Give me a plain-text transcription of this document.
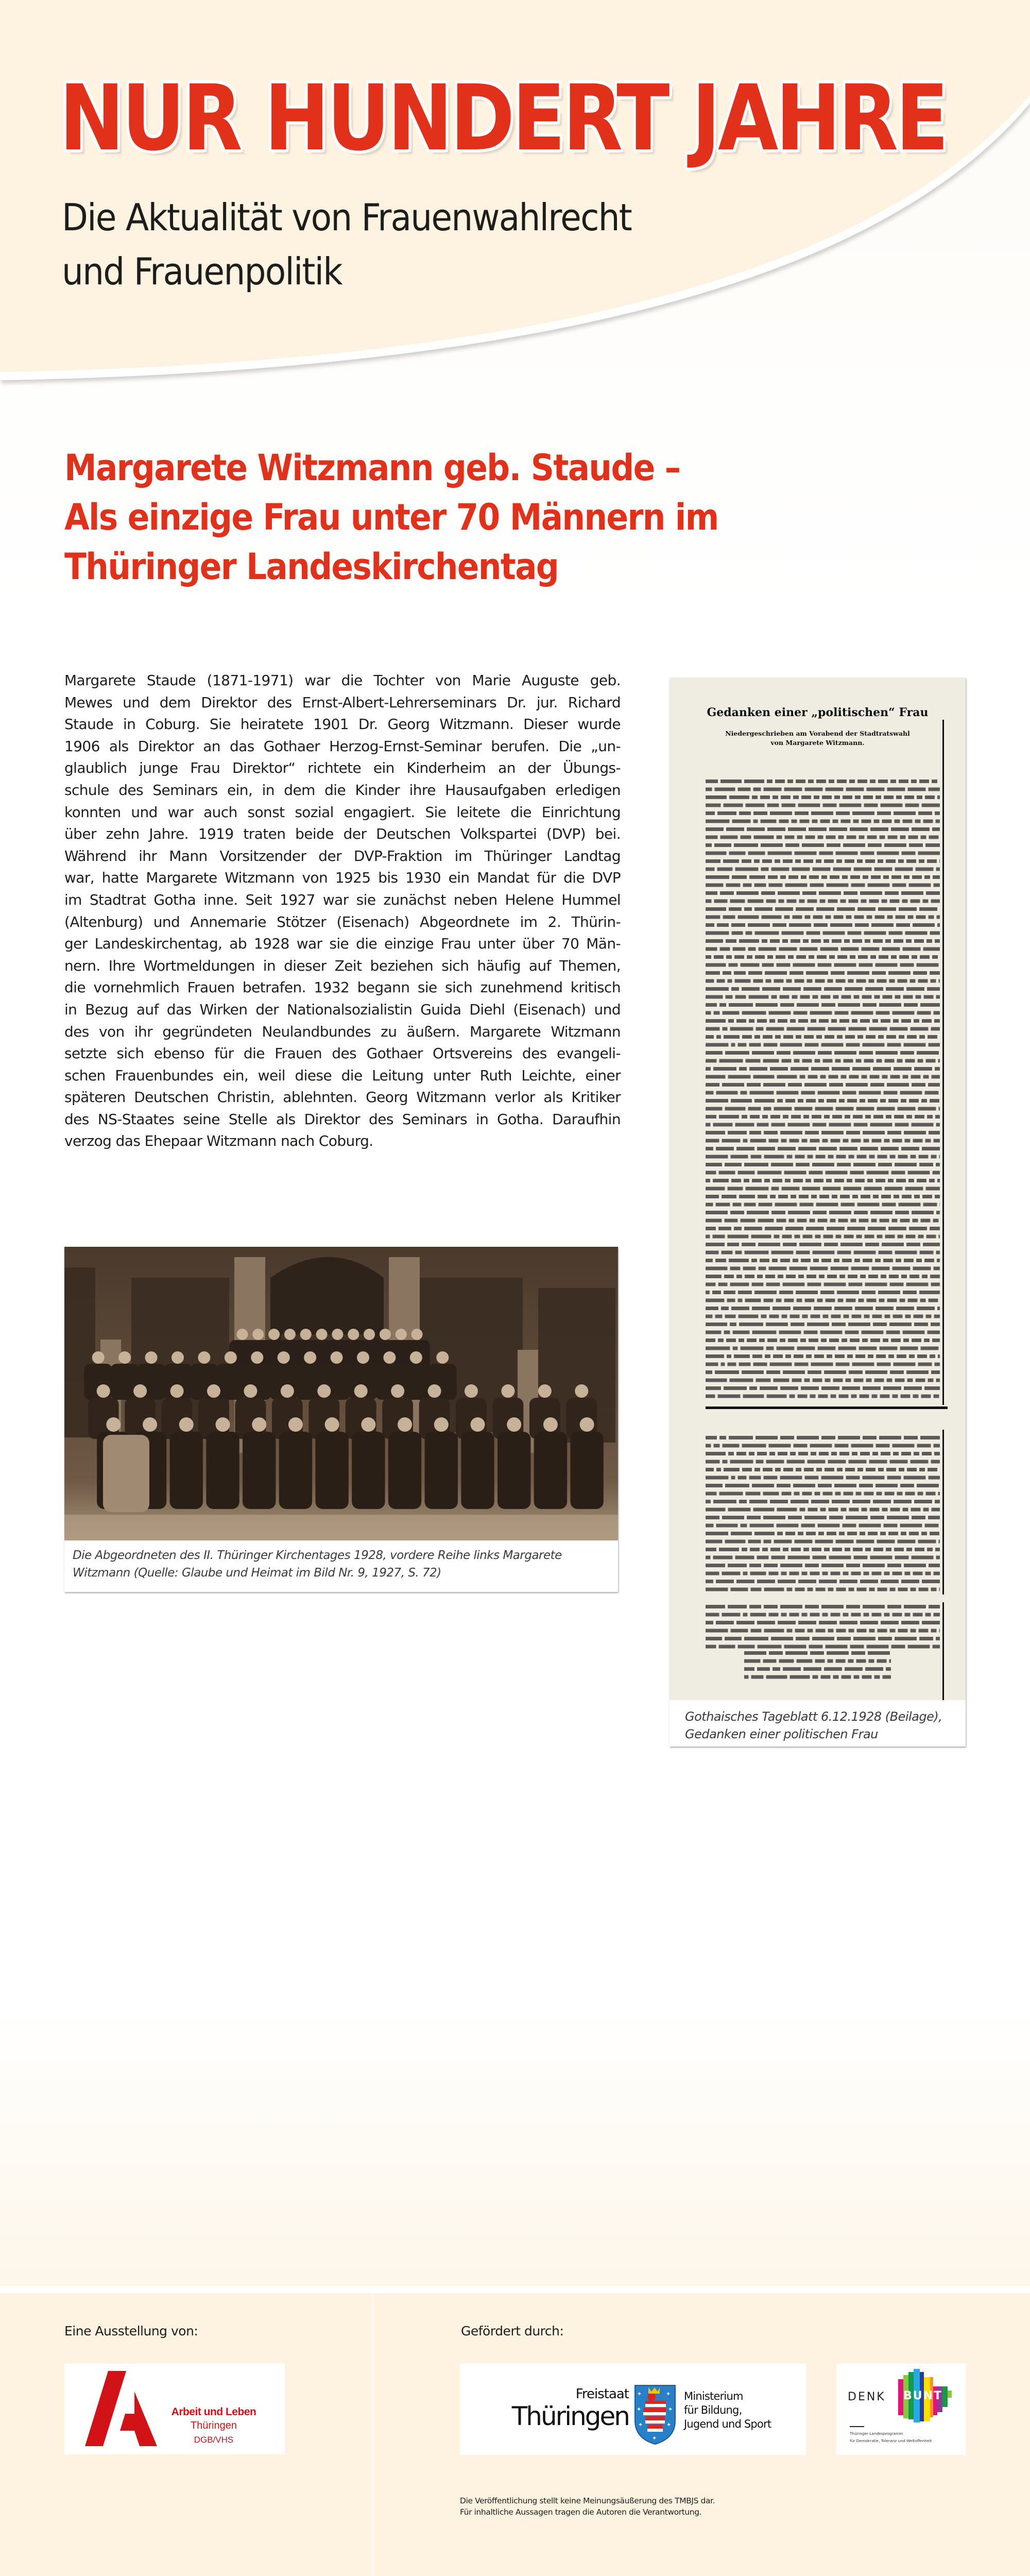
NUR HUNDERT JAHRE
Die Aktualität von Frauenwahlrecht
und Frauenpolitik
Margarete Witzmann geb. Staude –
Als einzige Frau unter 70 Männern im
Thüringer Landeskirchentag
Margarete Staude (1871-1971) war die Tochter von Marie Auguste geb.
Mewes und dem Direktor des Ernst-Albert-Lehrerseminars Dr. jur. Richard
Staude in Coburg. Sie heiratete 1901 Dr. Georg Witzmann. Dieser wurde
1906 als Direktor an das Gothaer Herzog-Ernst-Seminar berufen. Die „un-
glaublich junge Frau Direktor“ richtete ein Kinderheim an der Übungs-
schule des Seminars ein, in dem die Kinder ihre Hausaufgaben erledigen
konnten und war auch sonst sozial engagiert. Sie leitete die Einrichtung
über zehn Jahre. 1919 traten beide der Deutschen Volkspartei (DVP) bei.
Während ihr Mann Vorsitzender der DVP-Fraktion im Thüringer Landtag
war, hatte Margarete Witzmann von 1925 bis 1930 ein Mandat für die DVP
im Stadtrat Gotha inne. Seit 1927 war sie zunächst neben Helene Hummel
(Altenburg) und Annemarie Stötzer (Eisenach) Abgeordnete im 2. Thürin-
ger Landeskirchentag, ab 1928 war sie die einzige Frau unter über 70 Män-
nern. Ihre Wortmeldungen in dieser Zeit beziehen sich häufig auf Themen,
die vornehmlich Frauen betrafen. 1932 begann sie sich zunehmend kritisch
in Bezug auf das Wirken der Nationalsozialistin Guida Diehl (Eisenach) und
des von ihr gegründeten Neulandbundes zu äußern. Margarete Witzmann
setzte sich ebenso für die Frauen des Gothaer Ortsvereins des evangeli-
schen Frauenbundes ein, weil diese die Leitung unter Ruth Leichte, einer
späteren Deutschen Christin, ablehnten. Georg Witzmann verlor als Kritiker
des NS-Staates seine Stelle als Direktor des Seminars in Gotha. Daraufhin
verzog das Ehepaar Witzmann nach Coburg.
Die Abgeordneten des II. Thüringer Kirchentages 1928, vordere Reihe links Margarete
Witzmann (Quelle: Glaube und Heimat im Bild Nr. 9, 1927, S. 72)
Gedanken einer „politischen“ Frau
Niedergeschrieben am Vorabend der Stadtratswahl
von Margarete Witzmann.
Gothaisches Tageblatt 6.12.1928 (Beilage),
Gedanken einer politischen Frau
Eine Ausstellung von:	Gefördert durch:
Arbeit und Leben
Thüringen
DGB/VHS
Freistaat
Thüringen
✦	✦
✦	✦
✦	✦
✦
Ministerium
für Bildung,
Jugend und Sport
DENK BUNT
Thüringer Landesprogramm
für Demokratie, Toleranz und Weltoffenheit
Die Veröffentlichung stellt keine Meinungsäußerung des TMBJS dar.
Für inhaltliche Aussagen tragen die Autoren die Verantwortung.
